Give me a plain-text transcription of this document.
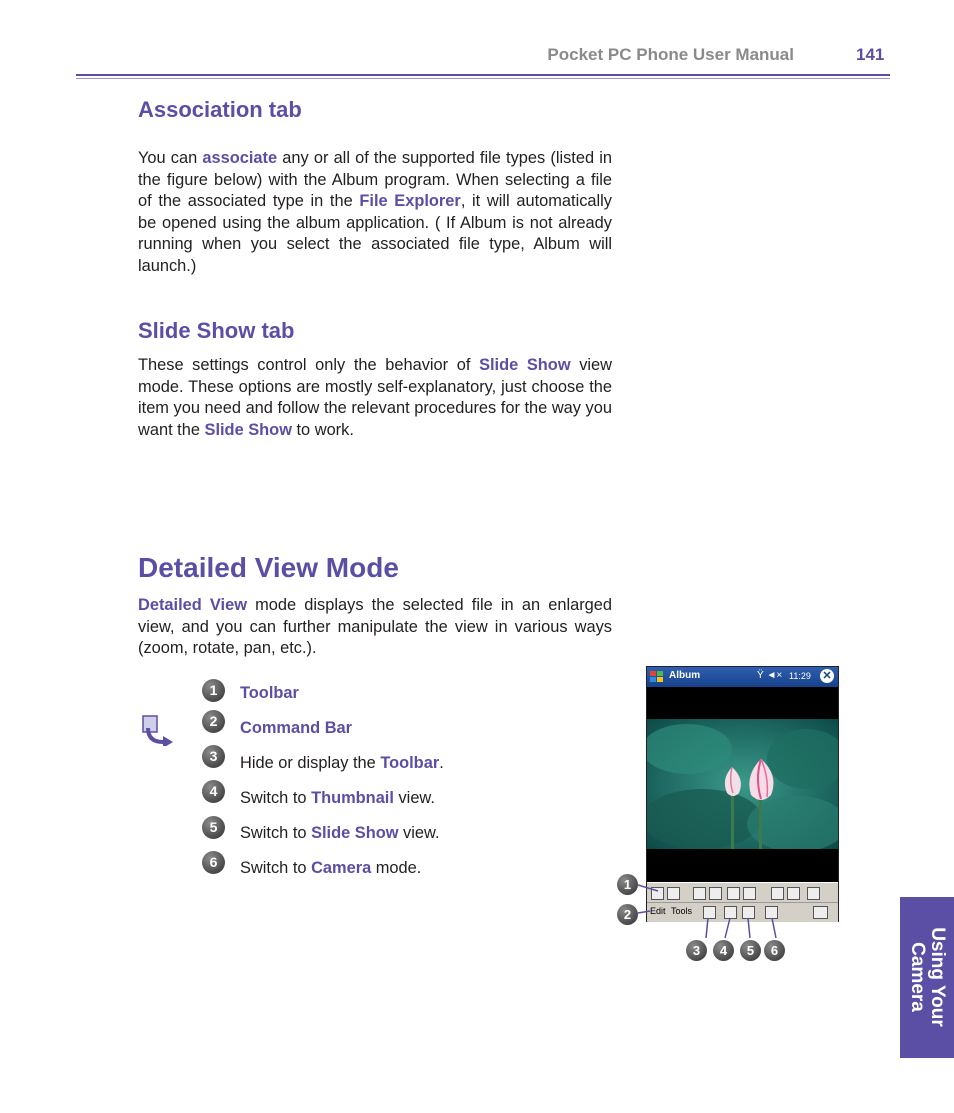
Pocket PC Phone User Manual	141
Association tab
You can associate any or all of the supported file types (listed in the figure below) with the Album program. When selecting a file of the associated type in the File Explorer, it will automatically be opened using the album application. ( If Album is not already running when you select the associated file type, Album will launch.)
Slide Show tab
These settings control only the behavior of Slide Show view mode. These options are mostly self-explanatory, just choose the item you need and follow the relevant procedures for the way you want the Slide Show to work.
Detailed View Mode
Detailed View mode displays the selected file in an enlarged view, and you can further manipulate the view in various ways (zoom, rotate, pan, etc.).
1	Toolbar
2	Command Bar
3	Hide or display the Toolbar.
4	Switch to Thumbnail view.
5	Switch to Slide Show view.
6	Switch to Camera mode.
Album	Ÿ ◄× 11:29 ✕
Edit Tools
1
2
3	4	5	6	Using Your
Camera
